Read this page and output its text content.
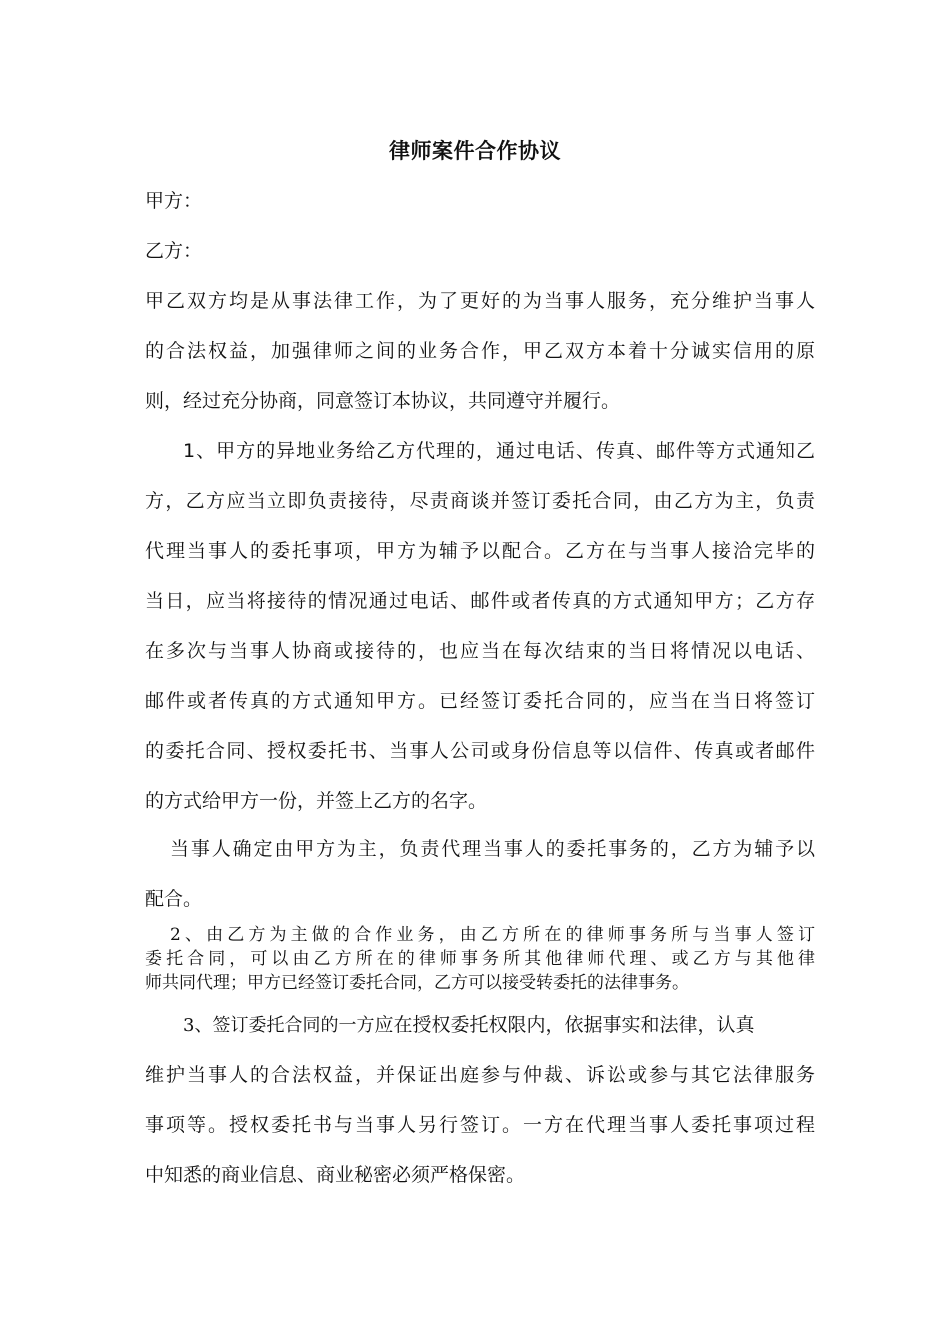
律师案件合作协议
甲方：
乙方：
甲乙双方均是从事法律工作，为了更好的为当事人服务，充分维护当事人
的合法权益，加强律师之间的业务合作，甲乙双方本着十分诚实信用的原
则，经过充分协商，同意签订本协议，共同遵守并履行。
1、甲方的异地业务给乙方代理的，通过电话、传真、邮件等方式通知乙
方，乙方应当立即负责接待，尽责商谈并签订委托合同，由乙方为主，负责
代理当事人的委托事项，甲方为辅予以配合。乙方在与当事人接洽完毕的
当日，应当将接待的情况通过电话、邮件或者传真的方式通知甲方；乙方存
在多次与当事人协商或接待的，也应当在每次结束的当日将情况以电话、
邮件或者传真的方式通知甲方。已经签订委托合同的，应当在当日将签订
的委托合同、授权委托书、当事人公司或身份信息等以信件、传真或者邮件
的方式给甲方一份，并签上乙方的名字。
当事人确定由甲方为主，负责代理当事人的委托事务的，乙方为辅予以
配合。
2、由乙方为主做的合作业务，由乙方所在的律师事务所与当事人签订
委托合同，可以由乙方所在的律师事务所其他律师代理、或乙方与其他律
师共同代理；甲方已经签订委托合同，乙方可以接受转委托的法律事务。
3、签订委托合同的一方应在授权委托权限内，依据事实和法律，认真
维护当事人的合法权益，并保证出庭参与仲裁、诉讼或参与其它法律服务
事项等。授权委托书与当事人另行签订。一方在代理当事人委托事项过程
中知悉的商业信息、商业秘密必须严格保密。
